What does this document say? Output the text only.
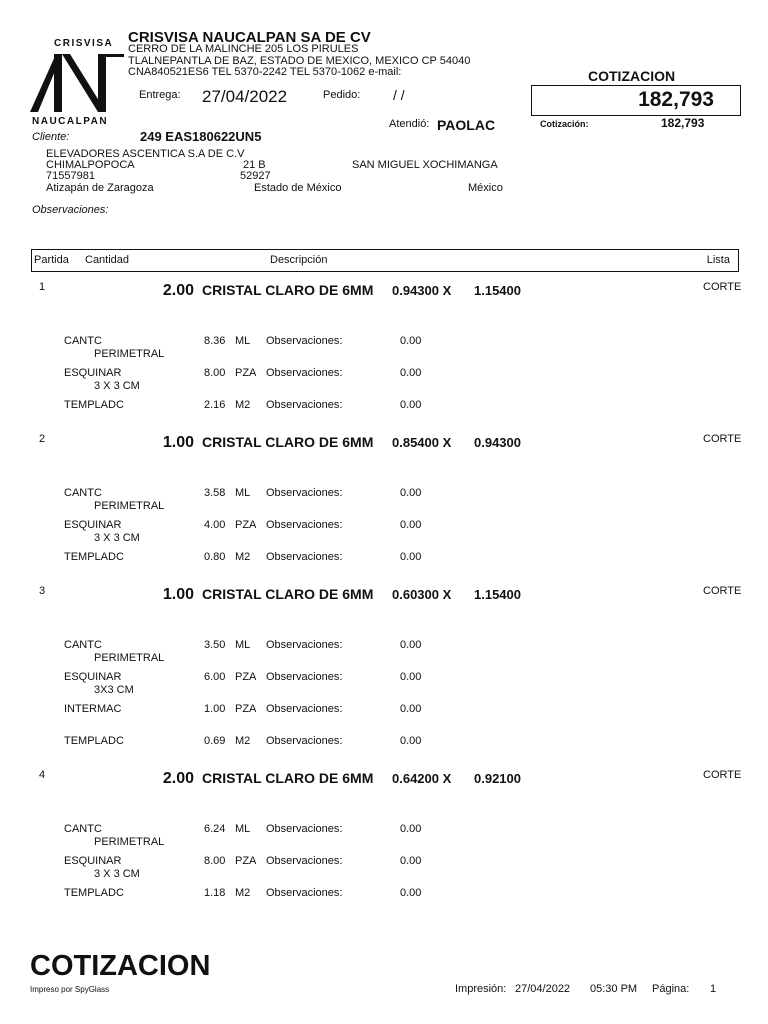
CRISVISA
NAUCALPAN
CRISVISA NAUCALPAN SA DE CV
CERRO DE LA MALINCHE 205 LOS PIRULES
TLALNEPANTLA DE BAZ, ESTADO DE MEXICO, MEXICO CP 54040
CNA840521ES6 TEL 5370-2242 TEL 5370-1062 e-mail:
Entrega: 27/04/2022	Pedido: / /
COTIZACION
182,793
Atendió: PAOLAC	Cotización:	182,793
Cliente:	249 EAS180622UN5
ELEVADORES ASCENTICA S.A DE C.V
CHIMALPOPOCA	21 B	SAN MIGUEL XOCHIMANGA
71557981	52927
Atizapán de Zaragoza	Estado de México	México
Observaciones:
Partida Cantidad	Descripción	Lista
1	2.00 CRISTAL CLARO DE 6MM 0.94300 X 1.15400	CORTE
CANTC
PERIMETRAL
8.36 ML Observaciones:	0.00
ESQUINAR
3 X 3 CM
8.00 PZA Observaciones:	0.00
TEMPLADC	2.16 M2 Observaciones:	0.00
2	1.00 CRISTAL CLARO DE 6MM 0.85400 X 0.94300	CORTE
CANTC
PERIMETRAL
3.58 ML Observaciones:	0.00
ESQUINAR
3 X 3 CM
4.00 PZA Observaciones:	0.00
TEMPLADC	0.80 M2 Observaciones:	0.00
3	1.00 CRISTAL CLARO DE 6MM 0.60300 X 1.15400	CORTE
CANTC
PERIMETRAL
3.50 ML Observaciones:	0.00
ESQUINAR
3X3 CM
6.00 PZA Observaciones:	0.00
INTERMAC	1.00 PZA Observaciones:	0.00
TEMPLADC	0.69 M2 Observaciones:	0.00
4	2.00 CRISTAL CLARO DE 6MM 0.64200 X 0.92100	CORTE
CANTC
PERIMETRAL
6.24 ML Observaciones:	0.00
ESQUINAR
3 X 3 CM
8.00 PZA Observaciones:	0.00
TEMPLADC	1.18 M2 Observaciones:	0.00
COTIZACION
Impreso por SpyGlass	Impresión: 27/04/2022 05:30 PM Página: 1
